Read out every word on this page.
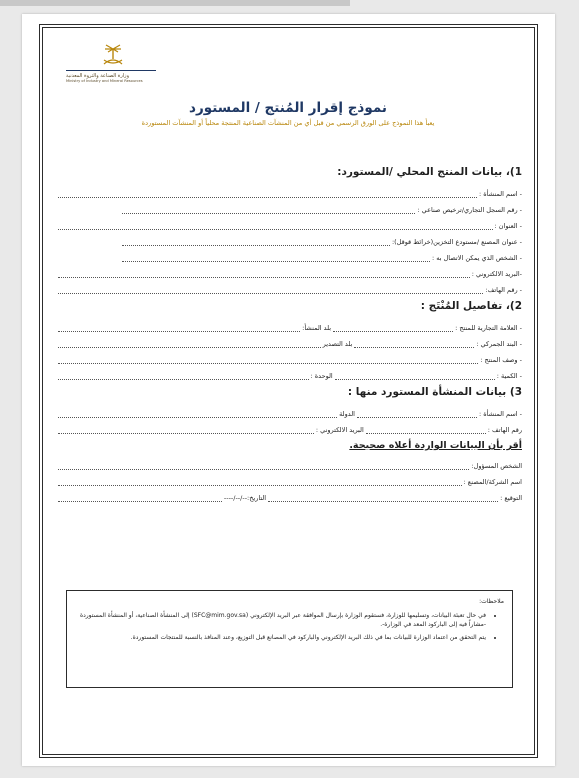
وزارة الصناعة والثروة المعدنية
Ministry of Industry and Mineral Resources
نموذج إقرار المُنتج / المستورد
يعبأ هذا النموذج على الورق الرسمي من قبل أي من المنشآت الصناعية المنتجة محلياً أو المنشآت المستوردة
1)، بيانات المنتج المحلي /المستورد:
- اسم المنشأة :
- رقم السجل التجاري/ترخيص صناعي :
- العنوان :
- عنوان المصنع /مستودع التخزين(خرائط قوقل):
- الشخص الذي يمكن الاتصال به :
-البريد الالكتروني :
- رقم الهاتف:
2)، تفاصيل المُنْتَج :
- العلامة التجارية للمنتج :
بلد المنشأ:
- البند الجمركي :
بلد التصدير
- وصف المنتج :
- الكمية :
الوحدة :
3) بيانات المنشأة المستورد منها :
- اسم المنشأة :
الدولة
رقم الهاتف :
البريد الالكتروني :
أقر بأن البيانات الواردة أعلاه صحيحة.
الشخص المسؤول:
اسم الشركة/المصنع :
التوقيع :
التاريخ:--/--/----
ملاحظات:
• في حال تعبئة البيانات، وتسليمها للوزارة، فستقوم الوزارة بإرسال الموافقة عبر البريد الإلكتروني (SFC@mim.gov.sa) إلى المنشأة الصناعية، أو المنشأة المستوردة -مشاراً فيه إلى الباركود المعد في الوزارة-.
• يتم التحقق من اعتماد الوزارة للبيانات بما في ذلك البريد الإلكتروني والباركود في المصانع قبل التوزيع، وعند المنافذ بالنسبة للمنتجات المستوردة.
